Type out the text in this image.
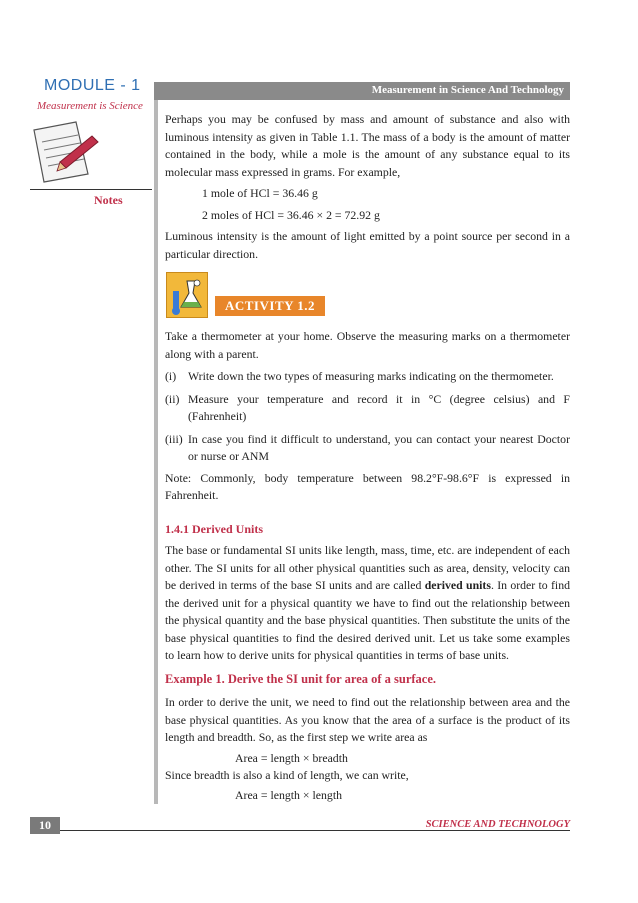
MODULE - 1
Measurement is Science
Notes
Measurement in Science And Technology

Perhaps you may be confused by mass and amount of substance and also with luminous intensity as given in Table 1.1. The mass of a body is the amount of matter contained in the body, while a mole is the amount of any substance equal to its molecular mass expressed in grams. For example,

1 mole of HCl = 36.46 g

2 moles of HCl = 36.46 × 2 = 72.92 g

Luminous intensity is the amount of light emitted by a point source per second in a particular direction.

ACTIVITY 1.2

Take a thermometer at your home. Observe the measuring marks on a thermometer along with a parent.

(i)	Write down the two types of measuring marks indicating on the thermometer.
(ii) Measure your temperature and record it in °C (degree celsius) and F (Fahrenheit)
(iii) In case you find it difficult to understand, you can contact your nearest Doctor or nurse or ANM

Note: Commonly, body temperature between 98.2°F-98.6°F is expressed in Fahrenheit.

1.4.1 Derived Units

The base or fundamental SI units like length, mass, time, etc. are independent of each other. The SI units for all other physical quantities such as area, density, velocity can be derived in terms of the base SI units and are called derived units. In order to find the derived unit for a physical quantity we have to find out the relationship between the physical quantity and the base physical quantities. Then substitute the units of the base physical quantities to find the desired derived unit. Let us take some examples to learn how to derive units for physical quantities in terms of base units.

Example 1. Derive the SI unit for area of a surface.

In order to derive the unit, we need to find out the relationship between area and the base physical quantities. As you know that the area of a surface is the product of its length and breadth. So, as the first step we write area as

Area = length × breadth

Since breadth is also a kind of length, we can write,

Area = length × length

10	SCIENCE AND TECHNOLOGY
